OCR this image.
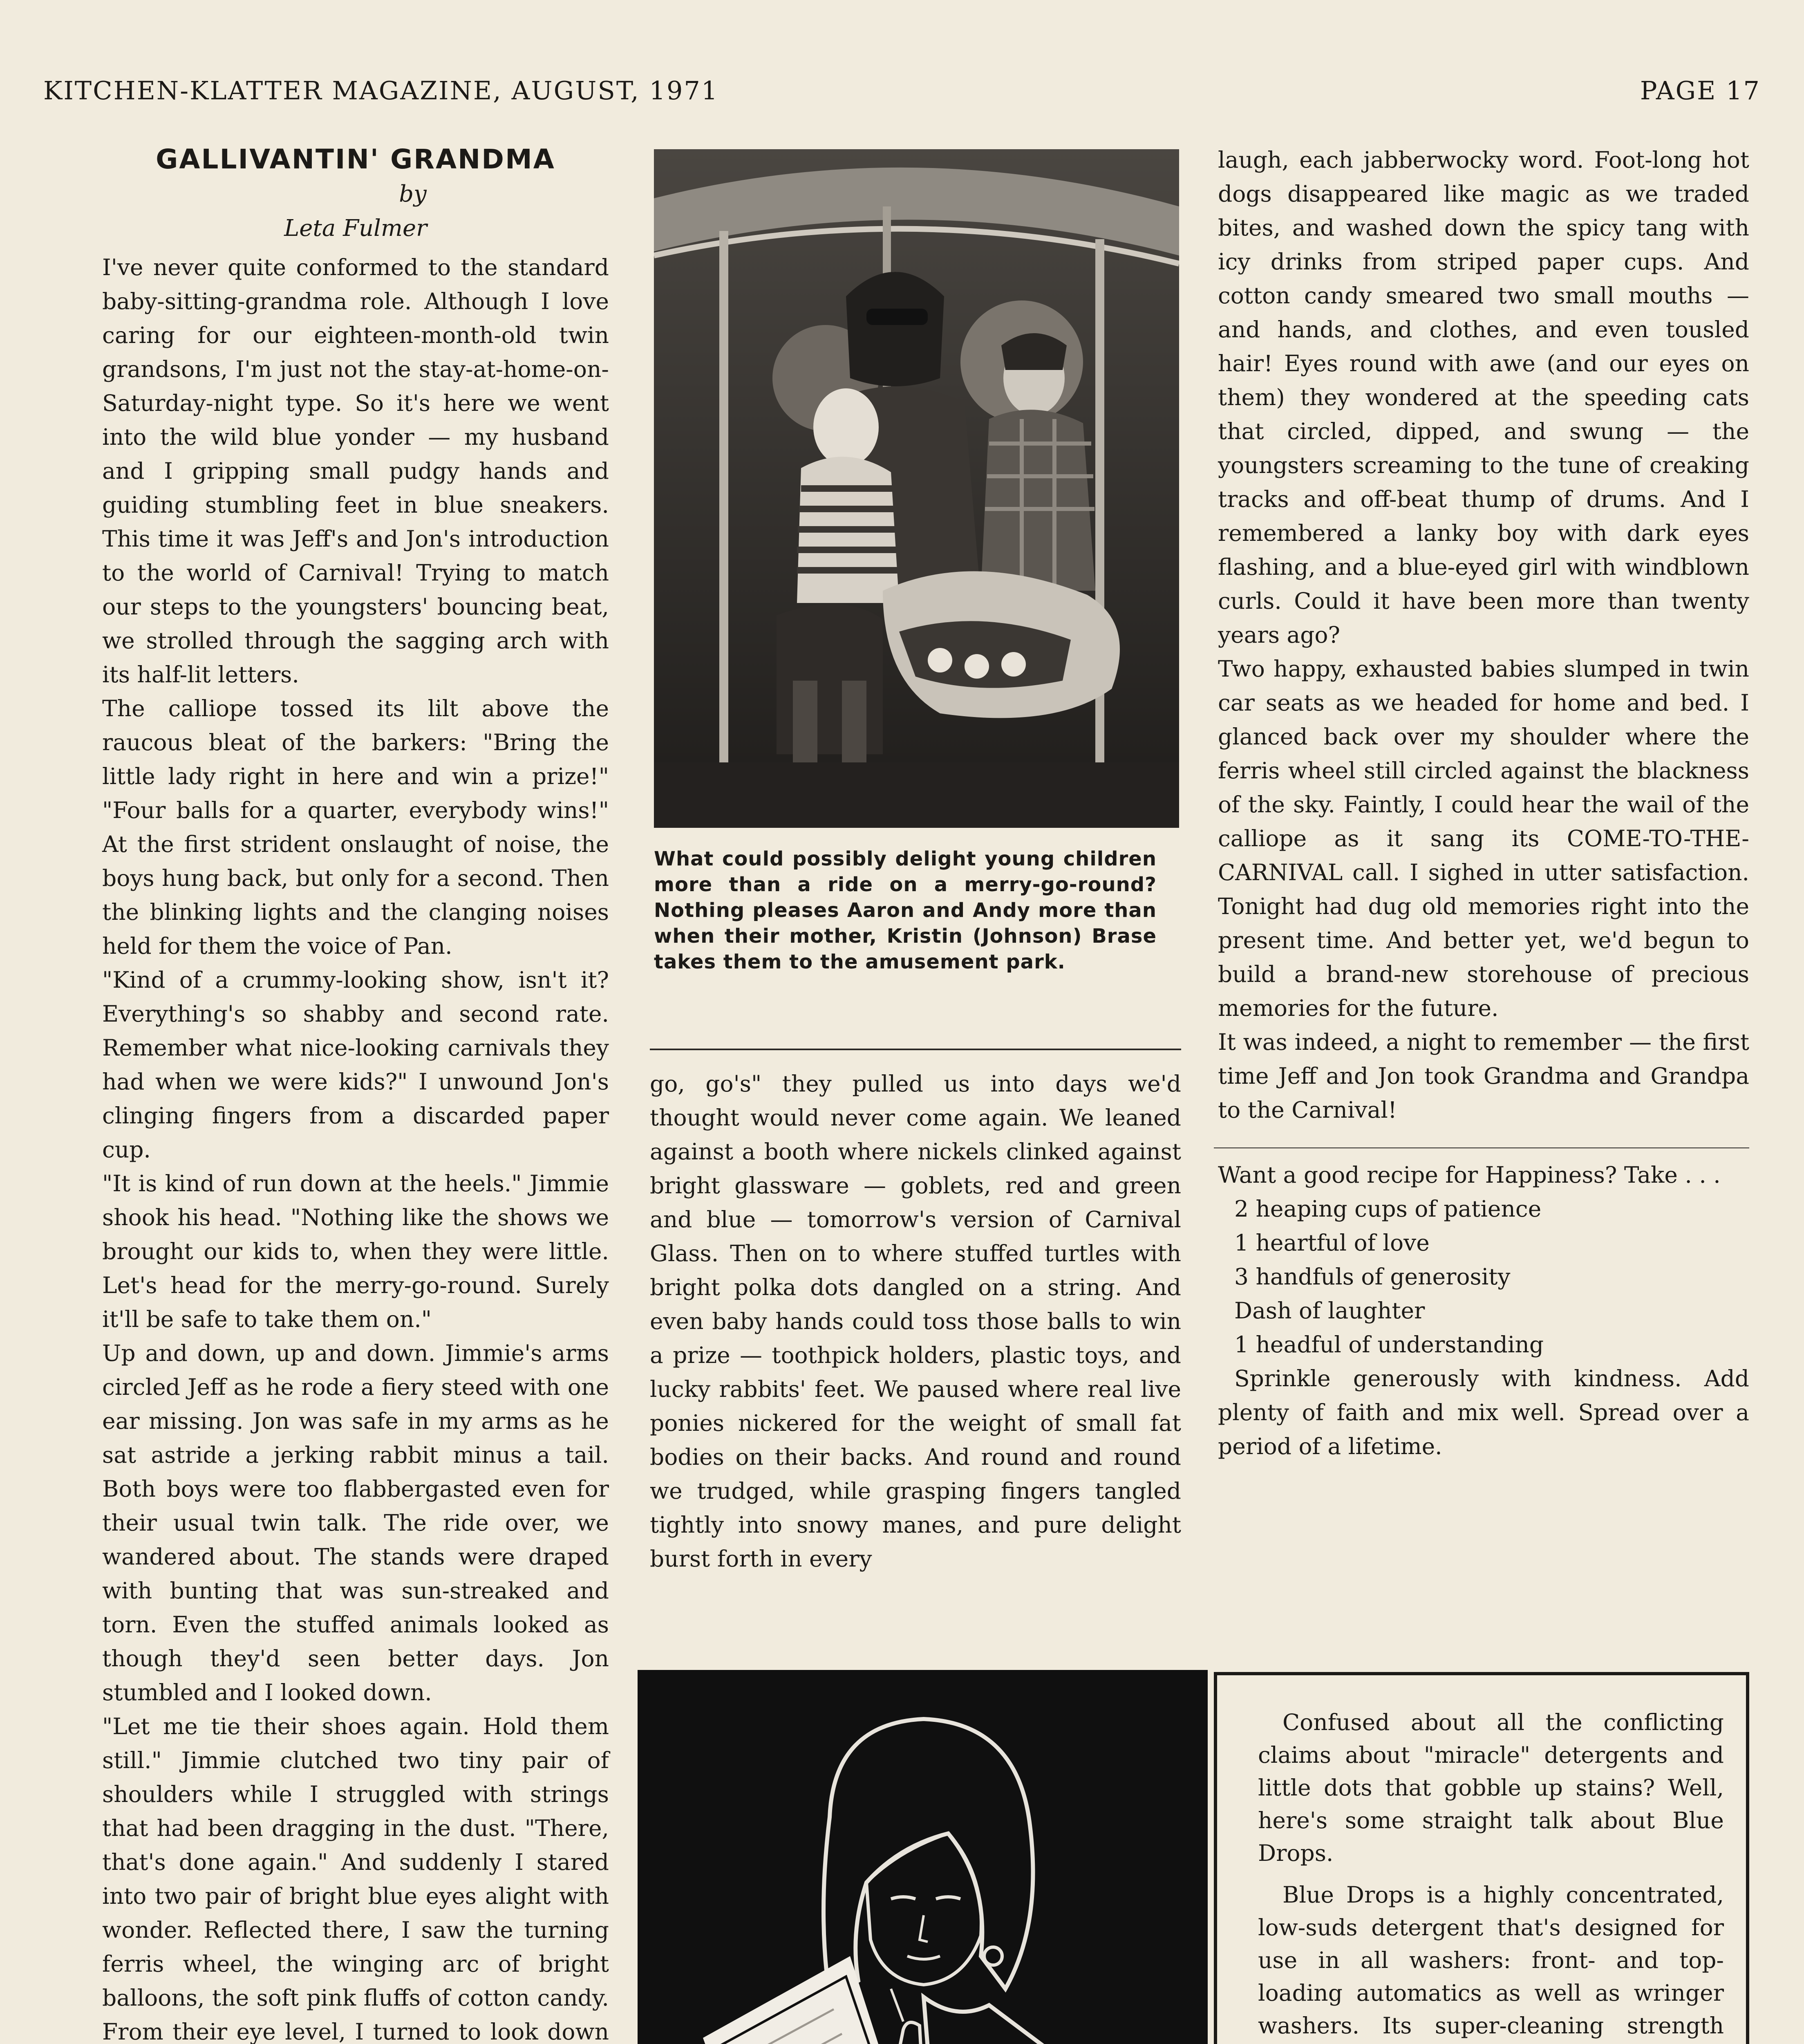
KITCHEN-KLATTER MAGAZINE, AUGUST, 1971	PAGE 17
GALLIVANTIN' GRANDMA
by
Leta Fulmer

I've never quite conformed to the standard baby-sitting-grandma role. Although I love caring for our eighteen-month-old twin grandsons, I'm just not the stay-at-home-on-Saturday-night type. So it's here we went into the wild blue yonder — my husband and I gripping small pudgy hands and guiding stumbling feet in blue sneakers. This time it was Jeff's and Jon's introduction to the world of Carnival! Trying to match our steps to the youngsters' bouncing beat, we strolled through the sagging arch with its half-lit letters.

The calliope tossed its lilt above the raucous bleat of the barkers: "Bring the little lady right in here and win a prize!" "Four balls for a quarter, everybody wins!" At the first strident onslaught of noise, the boys hung back, but only for a second. Then the blinking lights and the clanging noises held for them the voice of Pan.

"Kind of a crummy-looking show, isn't it? Everything's so shabby and second rate. Remember what nice-looking carnivals they had when we were kids?" I unwound Jon's clinging fingers from a discarded paper cup.

"It is kind of run down at the heels." Jimmie shook his head. "Nothing like the shows we brought our kids to, when they were little. Let's head for the merry-go-round. Surely it'll be safe to take them on."

Up and down, up and down. Jimmie's arms circled Jeff as he rode a fiery steed with one ear missing. Jon was safe in my arms as he sat astride a jerking rabbit minus a tail. Both boys were too flabbergasted even for their usual twin talk. The ride over, we wandered about. The stands were draped with bunting that was sun-streaked and torn. Even the stuffed animals looked as though they'd seen better days. Jon stumbled and I looked down.

"Let me tie their shoes again. Hold them still." Jimmie clutched two tiny pair of shoulders while I struggled with strings that had been dragging in the dust. "There, that's done again." And suddenly I stared into two pair of bright blue eyes alight with wonder. Reflected there, I saw the turning ferris wheel, the winging arc of bright balloons, the soft pink fluffs of cotton candy. From their eye level, I turned to look down

What could possibly delight young children more than a ride on a merry-go-round? Nothing pleases Aaron and Andy more than when their mother, Kristin (Johnson) Brase takes them to the amusement park.

go, go's" they pulled us into days we'd thought would never come again. We leaned against a booth where nickels clinked against bright glassware — goblets, red and green and blue — tomorrow's version of Carnival Glass. Then on to where stuffed turtles with bright polka dots dangled on a string. And even baby hands could toss those balls to win a prize — toothpick holders, plastic toys, and lucky rabbits' feet. We paused where real live ponies nickered for the weight of small fat bodies on their backs. And round and round we trudged, while grasping fingers tangled tightly into snowy manes, and pure delight burst forth in every

laugh, each jabberwocky word. Foot-long hot dogs disappeared like magic as we traded bites, and washed down the spicy tang with icy drinks from striped paper cups. And cotton candy smeared two small mouths — and hands, and clothes, and even tousled hair! Eyes round with awe (and our eyes on them) they wondered at the speeding cats that circled, dipped, and swung — the youngsters screaming to the tune of creaking tracks and off-beat thump of drums. And I remembered a lanky boy with dark eyes flashing, and a blue-eyed girl with windblown curls. Could it have been more than twenty years ago?

Two happy, exhausted babies slumped in twin car seats as we headed for home and bed. I glanced back over my shoulder where the ferris wheel still circled against the blackness of the sky. Faintly, I could hear the wail of the calliope as it sang its COME-TO-THE-CARNIVAL call. I sighed in utter satisfaction. Tonight had dug old memories right into the present time. And better yet, we'd begun to build a brand-new storehouse of precious memories for the future.

It was indeed, a night to remember — the first time Jeff and Jon took Grandma and Grandpa to the Carnival!

Want a good recipe for Happiness? Take . . .

2 heaping cups of patience
1 heartful of love
3 handfuls of generosity
Dash of laughter
1 headful of understanding

Sprinkle generously with kindness. Add plenty of faith and mix well. Spread over a period of a lifetime.

Confused about all the conflicting claims about "miracle" detergents and little dots that gobble up stains? Well, here's some straight talk about Blue Drops.

Blue Drops is a highly concentrated, low-suds detergent that's designed for use in all washers: front- and top-loading automatics as well as wringer washers. Its super-cleaning strength
